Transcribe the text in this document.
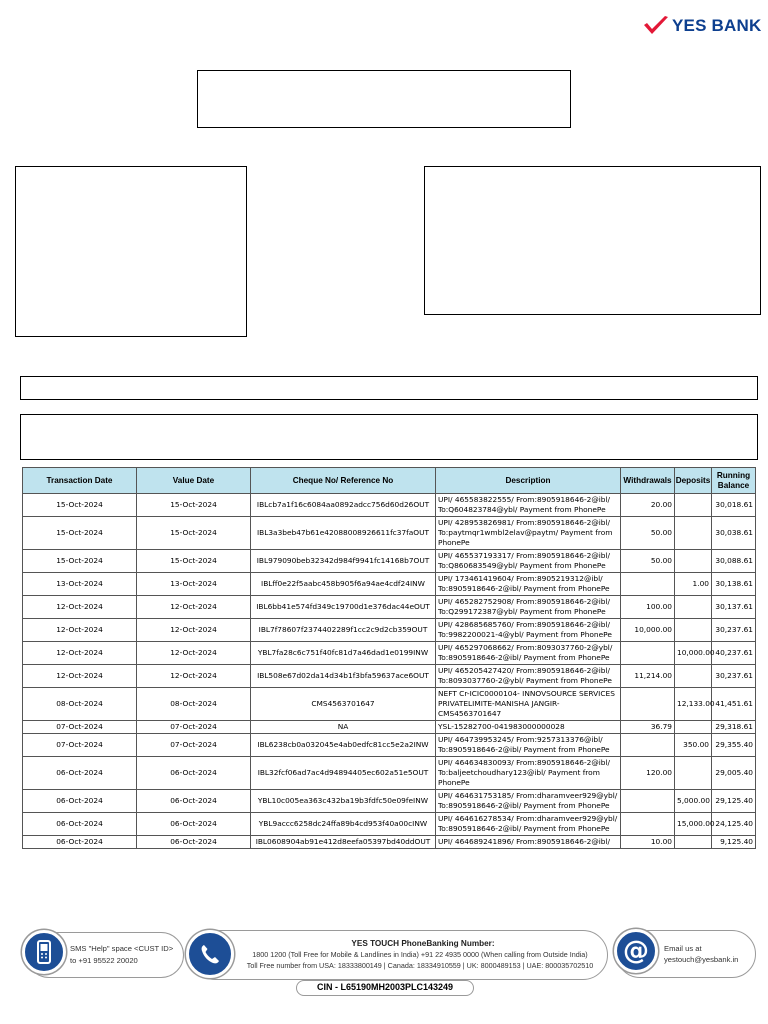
YES BANK
Transaction Date	Value Date	Cheque No/ Reference No	Description	Withdrawals	Deposits	Running Balance
15-Oct-2024	15-Oct-2024	IBLcb7a1f16c6084aa0892adcc756d60d26OUT	UPI/ 465583822555/ From:8905918646-2@ibl/ To:Q604823784@ybl/ Payment from PhonePe	20.00		30,018.61
15-Oct-2024	15-Oct-2024	IBL3a3beb47b61e42088008926611fc37faOUT	UPI/ 428953826981/ From:8905918646-2@ibl/ To:paytmqr1wmbl2elav@paytm/ Payment from PhonePe	50.00		30,038.61
15-Oct-2024	15-Oct-2024	IBL979090beb32342d984f9941fc14168b7OUT	UPI/ 465537193317/ From:8905918646-2@ibl/ To:Q860683549@ybl/ Payment from PhonePe	50.00		30,088.61
13-Oct-2024	13-Oct-2024	IBLff0e22f5aabc458b905f6a94ae4cdf24INW	UPI/ 173461419604/ From:8905219312@ibl/ To:8905918646-2@ibl/ Payment from PhonePe		1.00	30,138.61
12-Oct-2024	12-Oct-2024	IBL6bb41e574fd349c19700d1e376dac44eOUT	UPI/ 465282752908/ From:8905918646-2@ibl/ To:Q299172387@ybl/ Payment from PhonePe	100.00		30,137.61
12-Oct-2024	12-Oct-2024	IBL7f78607f2374402289f1cc2c9d2cb359OUT	UPI/ 428685685760/ From:8905918646-2@ibl/ To:9982200021-4@ybl/ Payment from PhonePe	10,000.00		30,237.61
12-Oct-2024	12-Oct-2024	YBL7fa28c6c751f40fc81d7a46dad1e0199INW	UPI/ 465297068662/ From:8093037760-2@ybl/ To:8905918646-2@ibl/ Payment from PhonePe		10,000.00	40,237.61
12-Oct-2024	12-Oct-2024	IBL508e67d02da14d34b1f3bfa59637ace6OUT	UPI/ 465205427420/ From:8905918646-2@ibl/ To:8093037760-2@ybl/ Payment from PhonePe	11,214.00		30,237.61
08-Oct-2024	08-Oct-2024	CMS4563701647	NEFT Cr-ICIC0000104- INNOVSOURCE SERVICES PRIVATELIMITE-MANISHA JANGIR- CMS4563701647		12,133.00	41,451.61
07-Oct-2024	07-Oct-2024	NA	YSL-15282700-041983000000028	36.79		29,318.61
07-Oct-2024	07-Oct-2024	IBL6238cb0a032045e4ab0edfc81cc5e2a2INW	UPI/ 464739953245/ From:9257313376@ibl/ To:8905918646-2@ibl/ Payment from PhonePe		350.00	29,355.40
06-Oct-2024	06-Oct-2024	IBL32fcf06ad7ac4d94894405ec602a51e5OUT	UPI/ 464634830093/ From:8905918646-2@ibl/ To:baljeetchoudhary123@ibl/ Payment from PhonePe	120.00		29,005.40
06-Oct-2024	06-Oct-2024	YBL10c005ea363c432ba19b3fdfc50e09feINW	UPI/ 464631753185/ From:dharamveer929@ybl/ To:8905918646-2@ibl/ Payment from PhonePe		5,000.00	29,125.40
06-Oct-2024	06-Oct-2024	YBL9accc6258dc24ffa89b4cd953f40a00cINW	UPI/ 464616278534/ From:dharamveer929@ybl/ To:8905918646-2@ibl/ Payment from PhonePe		15,000.00	24,125.40
06-Oct-2024	06-Oct-2024	IBL0608904ab91e412d8eefa05397bd40ddOUT	UPI/ 464689241896/ From:8905918646-2@ibl/	10.00		9,125.40
SMS "Help" space <CUST ID>
to +91 95522 20020
YES TOUCH PhoneBanking Number:
1800 1200 (Toll Free for Mobile & Landlines in India) +91 22 4935 0000 (When calling from Outside India)
Toll Free number from USA: 18333800149 | Canada: 18334910559 | UK: 8000489153 | UAE: 800035702510	@ Email us at
yestouch@yesbank.in
CIN - L65190MH2003PLC143249
